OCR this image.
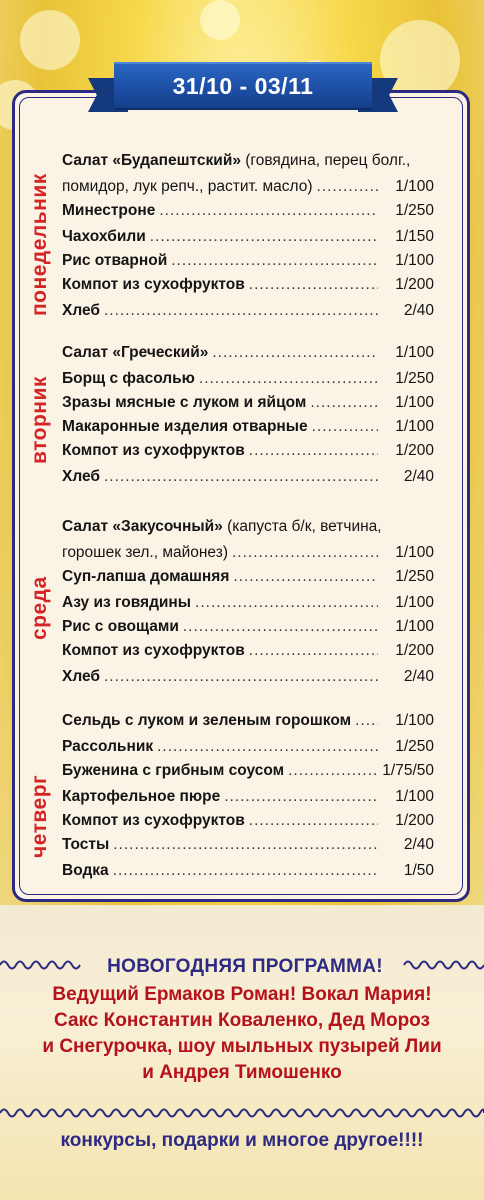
31/10 - 03/11
понедельник
вторник
среда
четверг
Салат «Будапештский» (говядина, перец болг.,
помидор, лук репч., растит. масло) .....	1/100
Минестроне .....	1/250
Чахохбили .....	1/150
Рис отварной .....	1/100
Компот из сухофруктов .....	1/200
Хлеб .....	2/40
Салат «Греческий» .....	1/100
Борщ с фасолью .....	1/250
Зразы мясные с луком и яйцом .....	1/100
Макаронные изделия отварные .....	1/100
Компот из сухофруктов .....	1/200
Хлеб .....	2/40
Салат «Закусочный» (капуста б/к, ветчина,
горошек зел., майонез) .....	1/100
Суп-лапша домашняя .....	1/250
Азу из говядины .....	1/100
Рис с овощами .....	1/100
Компот из сухофруктов .....	1/200
Хлеб .....	2/40
Сельдь с луком и зеленым горошком .....	1/100
Рассольник .....	1/250
Буженина с грибным соусом .....	1/75/50
Картофельное пюре .....	1/100
Компот из сухофруктов .....	1/200
Тосты .....	2/40
Водка .....	1/50
НОВОГОДНЯЯ ПРОГРАММА!
Ведущий Ермаков Роман! Вокал Мария!
Сакс Константин Коваленко, Дед Мороз
и Снегурочка, шоу мыльных пузырей Лии
и Андрея Тимошенко
конкурсы, подарки и многое другое!!!!
